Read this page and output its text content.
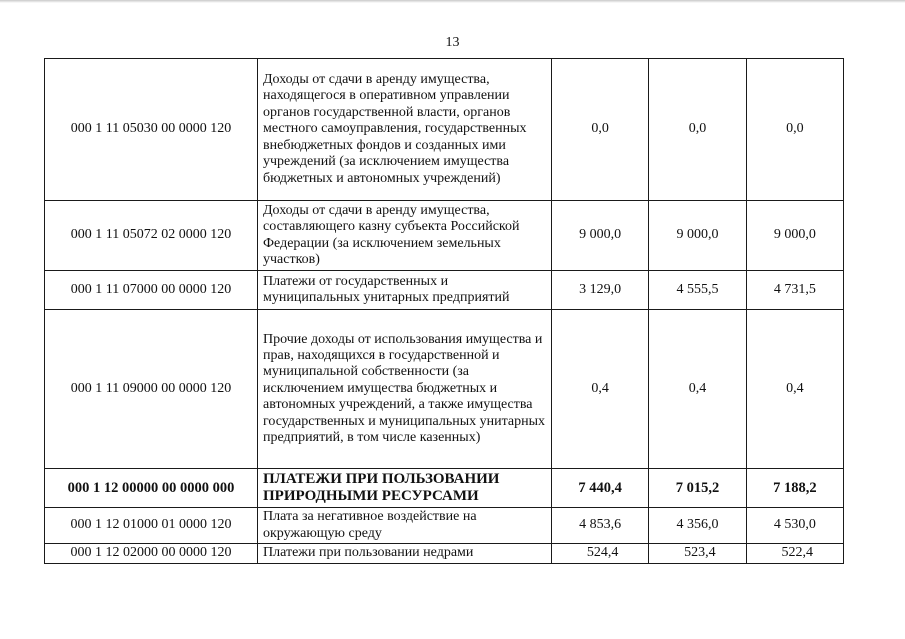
13
000 1 11 05030 00 0000 120	Доходы от сдачи в аренду имущества, находящегося в оперативном управлении органов государственной власти, органов местного самоуправления, государственных внебюджетных фондов и созданных ими учреждений (за исключением имущества бюджетных и автономных учреждений)	0,0	0,0	0,0
000 1 11 05072 02 0000 120	Доходы от сдачи в аренду имущества, составляющего казну субъекта Российской Федерации (за исключением земельных участков)	9 000,0	9 000,0	9 000,0
000 1 11 07000 00 0000 120	Платежи от государственных и муниципальных унитарных предприятий	3 129,0	4 555,5	4 731,5
000 1 11 09000 00 0000 120	Прочие доходы от использования имущества и прав, находящихся в государственной и муниципальной собственности (за исключением имущества бюджетных и автономных учреждений, а также имущества государственных и муниципальных унитарных предприятий, в том числе казенных)	0,4	0,4	0,4
000 1 12 00000 00 0000 000	ПЛАТЕЖИ ПРИ ПОЛЬЗОВАНИИ ПРИРОДНЫМИ РЕСУРСАМИ	7 440,4	7 015,2	7 188,2
000 1 12 01000 01 0000 120	Плата за негативное воздействие на окружающую среду	4 853,6	4 356,0	4 530,0
000 1 12 02000 00 0000 120	Платежи при пользовании недрами	524,4	523,4	522,4
